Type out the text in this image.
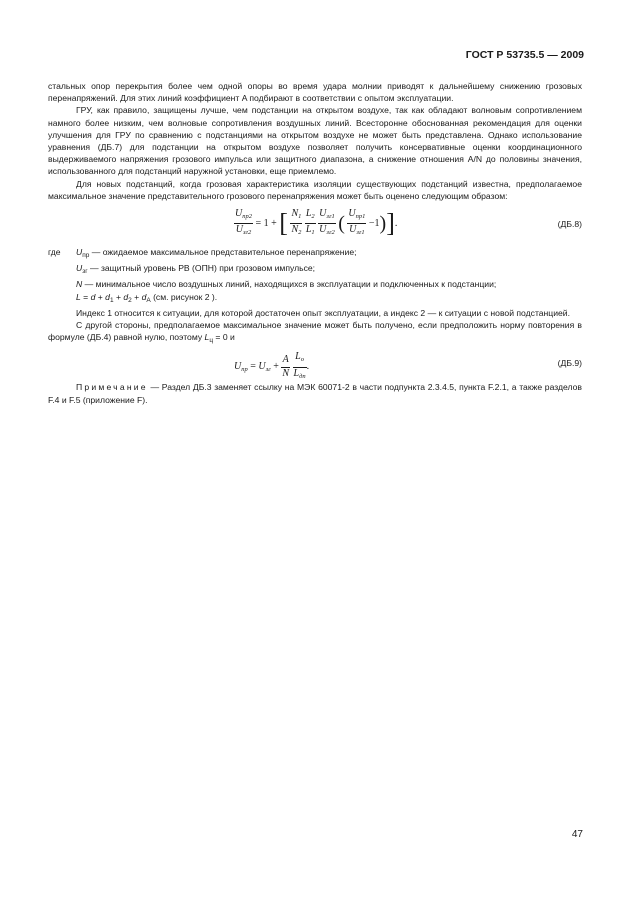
ГОСТ Р 53735.5 — 2009

стальных опор перекрытия более чем одной опоры во время удара молнии приводят к дальнейшему снижению грозовых перенапряжений. Для этих линий коэффициент A подбирают в соответствии с опытом эксплуатации.

ГРУ, как правило, защищены лучше, чем подстанции на открытом воздухе, так как обладают волновым сопротивлением намного более низким, чем волновые сопротивления воздушных линий. Всесторонне обоснованная рекомендация для оценки улучшения для ГРУ по сравнению с подстанциями на открытом воздухе не может быть представлена. Однако использование уравнения (ДБ.7) для подстанции на открытом воздухе позволяет получить консервативные оценки координационного выдерживаемого напряжения грозового импульса или защитного диапазона, а снижение отношения A/N до половины значения, использованного для подстанций наружной установки, еще приемлемо.

Для новых подстанций, когда грозовая характеристика изоляции существующих подстанций известна, предполагаемое максимальное значение представительного грозового перенапряжения может быть оценено следующим образом:

$\frac{U_{пр2}}{U_{зг2}} = 1$ + [ $\frac{N_1}{N_2}$
$\frac{L_2}{L_1}$
$\frac{U_{зг1}}{U_{зг2}}$ ( $\frac{U_{пр1}}{U_{зг1}} -1$)].	(ДБ.8)
где	$U_{пр}$ — ожидаемое максимальное представительное перенапряжение;
$U_{зг}$ — защитный уровень РВ (ОПН) при грозовом импульсе;
N — минимальное число воздушных линий, находящихся в эксплуатации и подключенных к подстанции;
$L = d + d_1 + d_2 + d_A$ (см. рисунок 2 ).

Индекс 1 относится к ситуации, для которой достаточен опыт эксплуатации, а индекс 2 — к ситуации с новой подстанцией.

С другой стороны, предполагаемое максимальное значение может быть получено, если предположить норму повторения в формуле (ДБ.4) равной нулю, поэтому $L_ц = 0$ и

$U_{пр} = U_{зг} + \frac{A}{N}$
$\frac{L_о}{L_{дп}}$ .	(ДБ.9)

Примечание — Раздел ДБ.3 заменяет ссылку на МЭК 60071-2 в части подпункта 2.3.4.5, пункта F.2.1, а также разделов F.4 и F.5 (приложение F).

47
